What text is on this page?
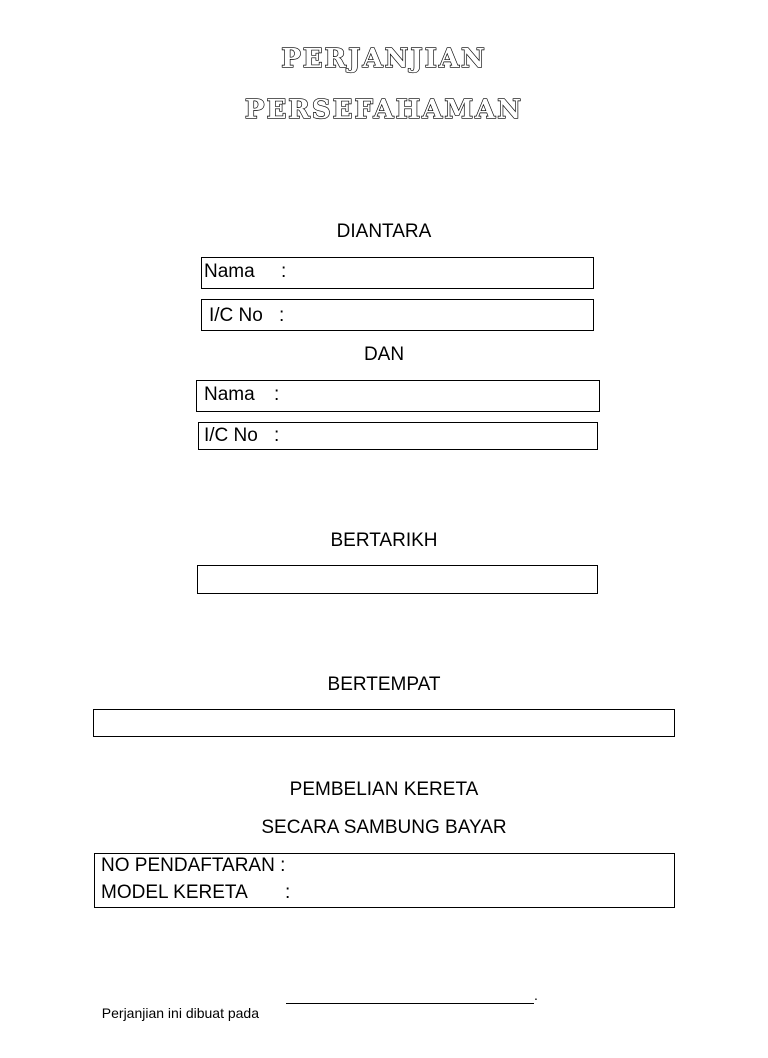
PERJANJIAN
PERSEFAHAMAN
DIANTARA
Nama :
I/C No :
DAN
Nama :
I/C No :
BERTARIKH
BERTEMPAT
PEMBELIAN KERETA
SECARA SAMBUNG BAYAR
NO PENDAFTARAN :
MODEL KERETA :

Perjanjian ini dibuat pada

.
